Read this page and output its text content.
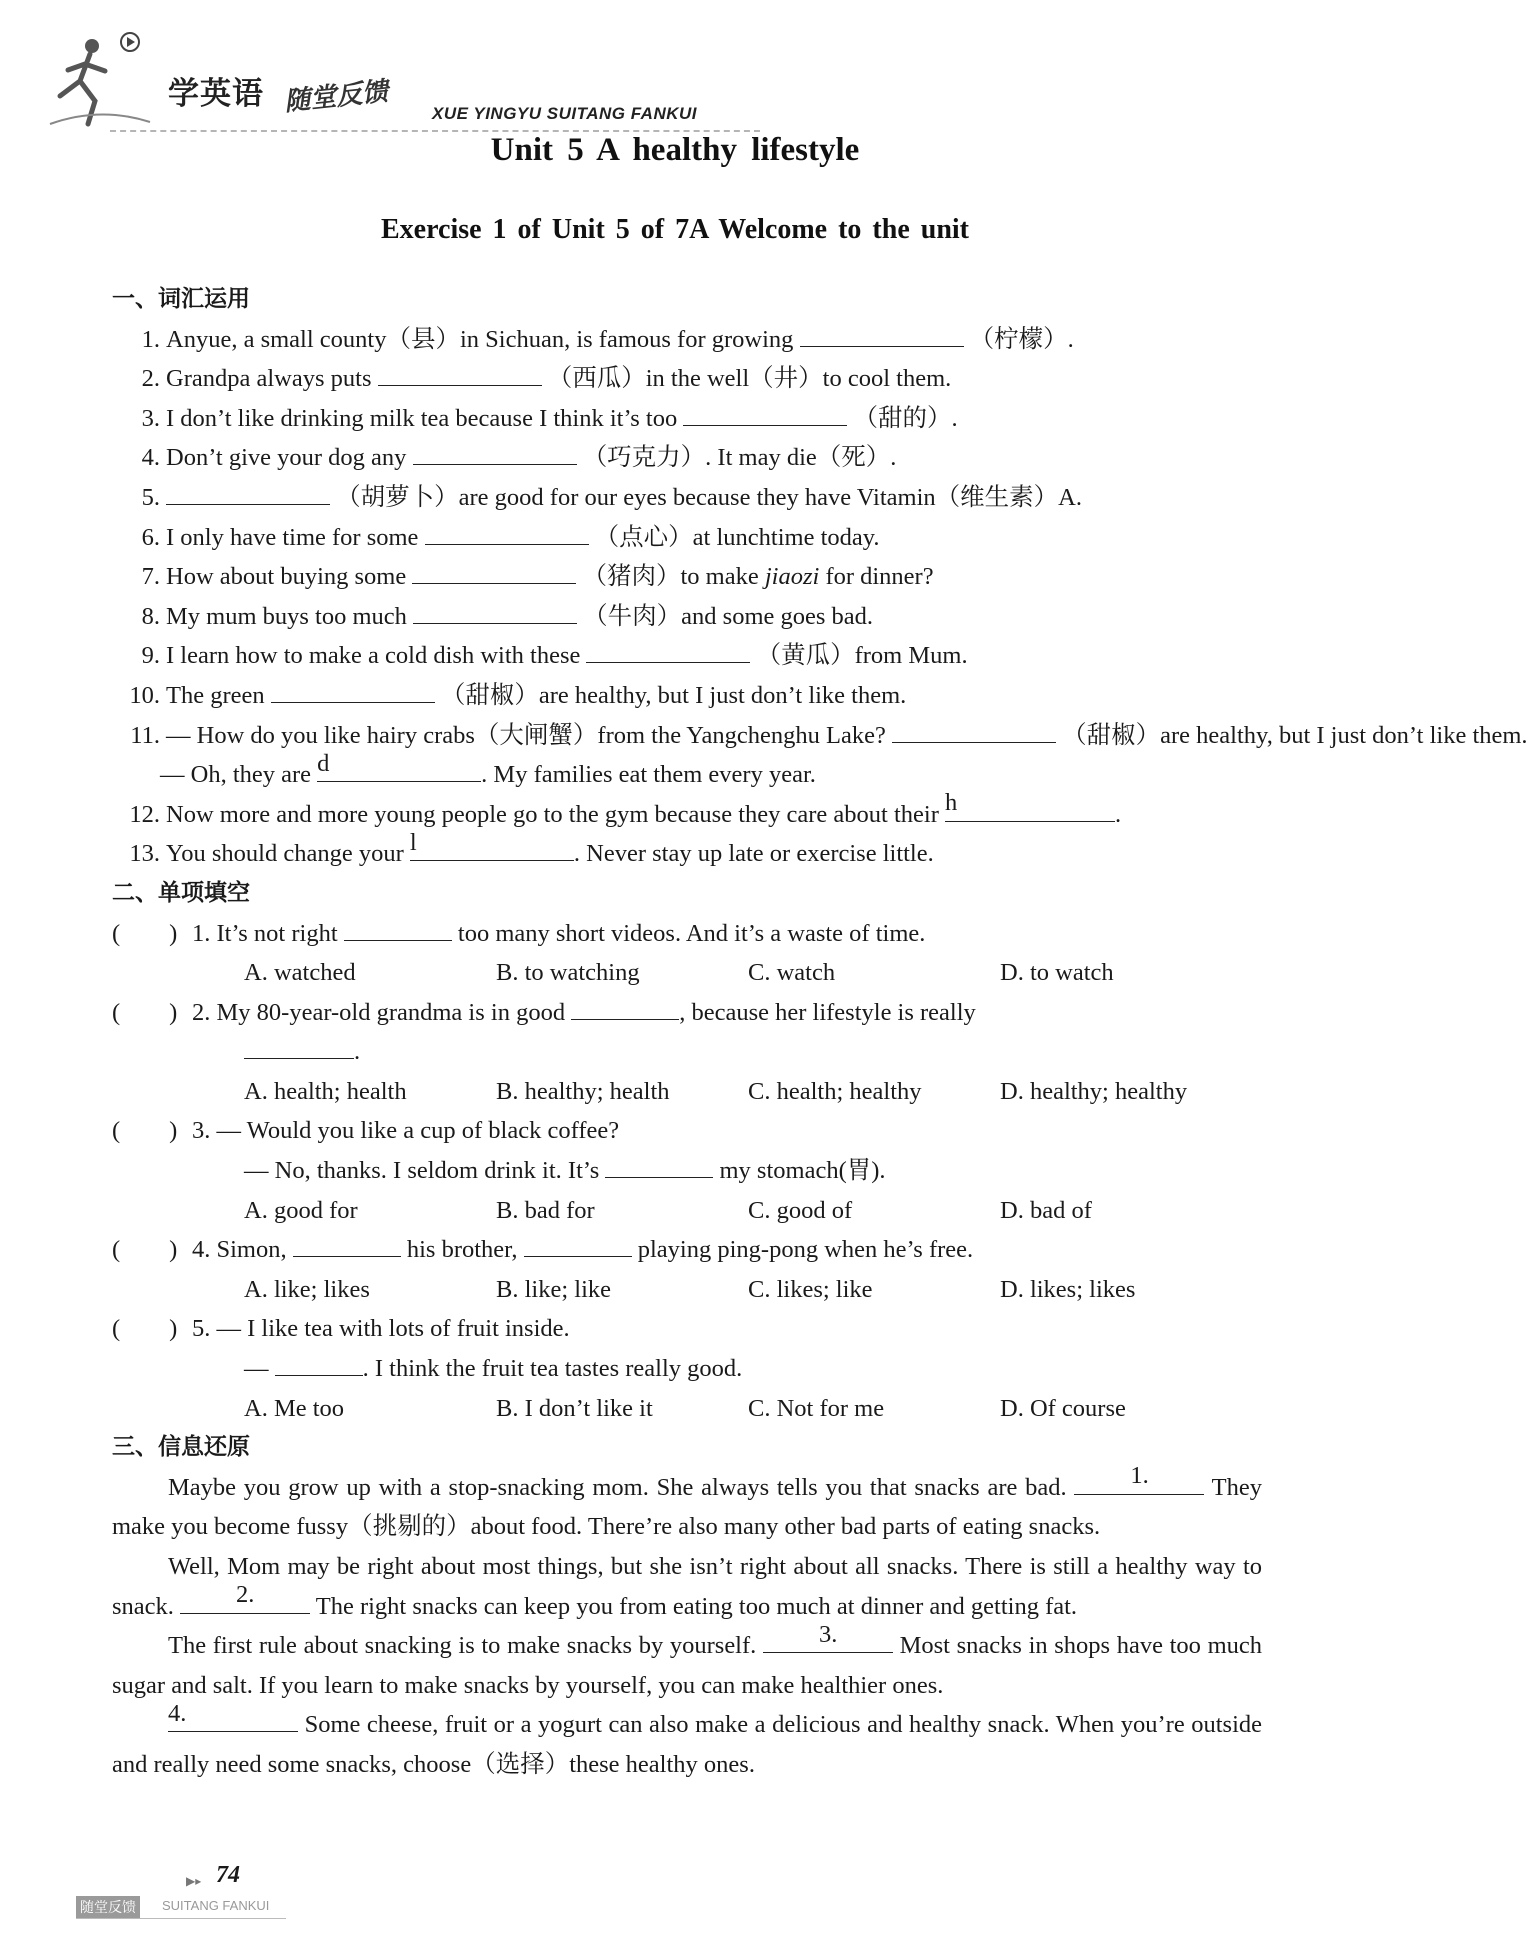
学英语 随堂反馈 XUE YINGYU SUITANG FANKUI
Unit 5 A healthy lifestyle
Exercise 1 of Unit 5 of 7A Welcome to the unit
一、词汇运用
1. Anyue, a small county（县）in Sichuan, is famous for growing	（柠檬）.
2. Grandpa always puts	（西瓜）in the well（井）to cool them.
3. I don’t like drinking milk tea because I think it’s too	（甜的）.
4. Don’t give your dog any	（巧克力）. It may die（死）.
5.	（胡萝卜）are good for our eyes because they have Vitamin（维生素）A.
6. I only have time for some	（点心）at lunchtime today.
7. How about buying some	（猪肉）to make jiaozi for dinner?
8. My mum buys too much	（牛肉）and some goes bad.
9. I learn how to make a cold dish with these	（黄瓜）from Mum.
10. The green	（甜椒）are healthy, but I just don’t like them.
11. — How do you like hairy crabs（大闸蟹）from the Yangchenghu Lake?	（甜椒）are healthy, but I just don’t like them.
— Oh, they are d	. My families eat them every year.
12. Now more and more young people go to the gym because they care about their h	.
13. You should change your l	. Never stay up late or exercise little.
二、单项填空
(　　) 1. It’s not right	too many short videos. And it’s a waste of time.
A. watched	B. to watching	C. watch	D. to watch
(　　) 2. My 80-year-old grandma is in good	, because her lifestyle is really
.
A. health; health	B. healthy; health	C. health; healthy	D. healthy; healthy
(　　) 3. — Would you like a cup of black coffee?
— No, thanks. I seldom drink it. It’s	my stomach(胃).
A. good for	B. bad for	C. good of	D. bad of
(　　) 4. Simon,	his brother,	playing ping-pong when he’s free.
A. like; likes	B. like; like	C. likes; like	D. likes; likes
(　　) 5. — I like tea with lots of fruit inside.
—	. I think the fruit tea tastes really good.
A. Me too	B. I don’t like it	C. Not for me	D. Of course
三、信息还原
Maybe you grow up with a stop-snacking mom. She always tells you that snacks are bad.	1.	They make you become fussy（挑剔的）about food. There’re also many other bad parts of eating snacks.
Well, Mom may be right about most things, but she isn’t right about all snacks. There is still a healthy way to snack.	2.	The right snacks can keep you from eating too much at dinner and getting fat.
The first rule about snacking is to make snacks by yourself.	3.	Most snacks in shops have too much sugar and salt. If you learn to make snacks by yourself, you can make healthier ones.
4.	Some cheese, fruit or a yogurt can also make a delicious and healthy snack. When you’re outside and really need some snacks, choose（选择）these healthy ones.
▶▸ 74
随堂反馈	SUITANG FANKUI
